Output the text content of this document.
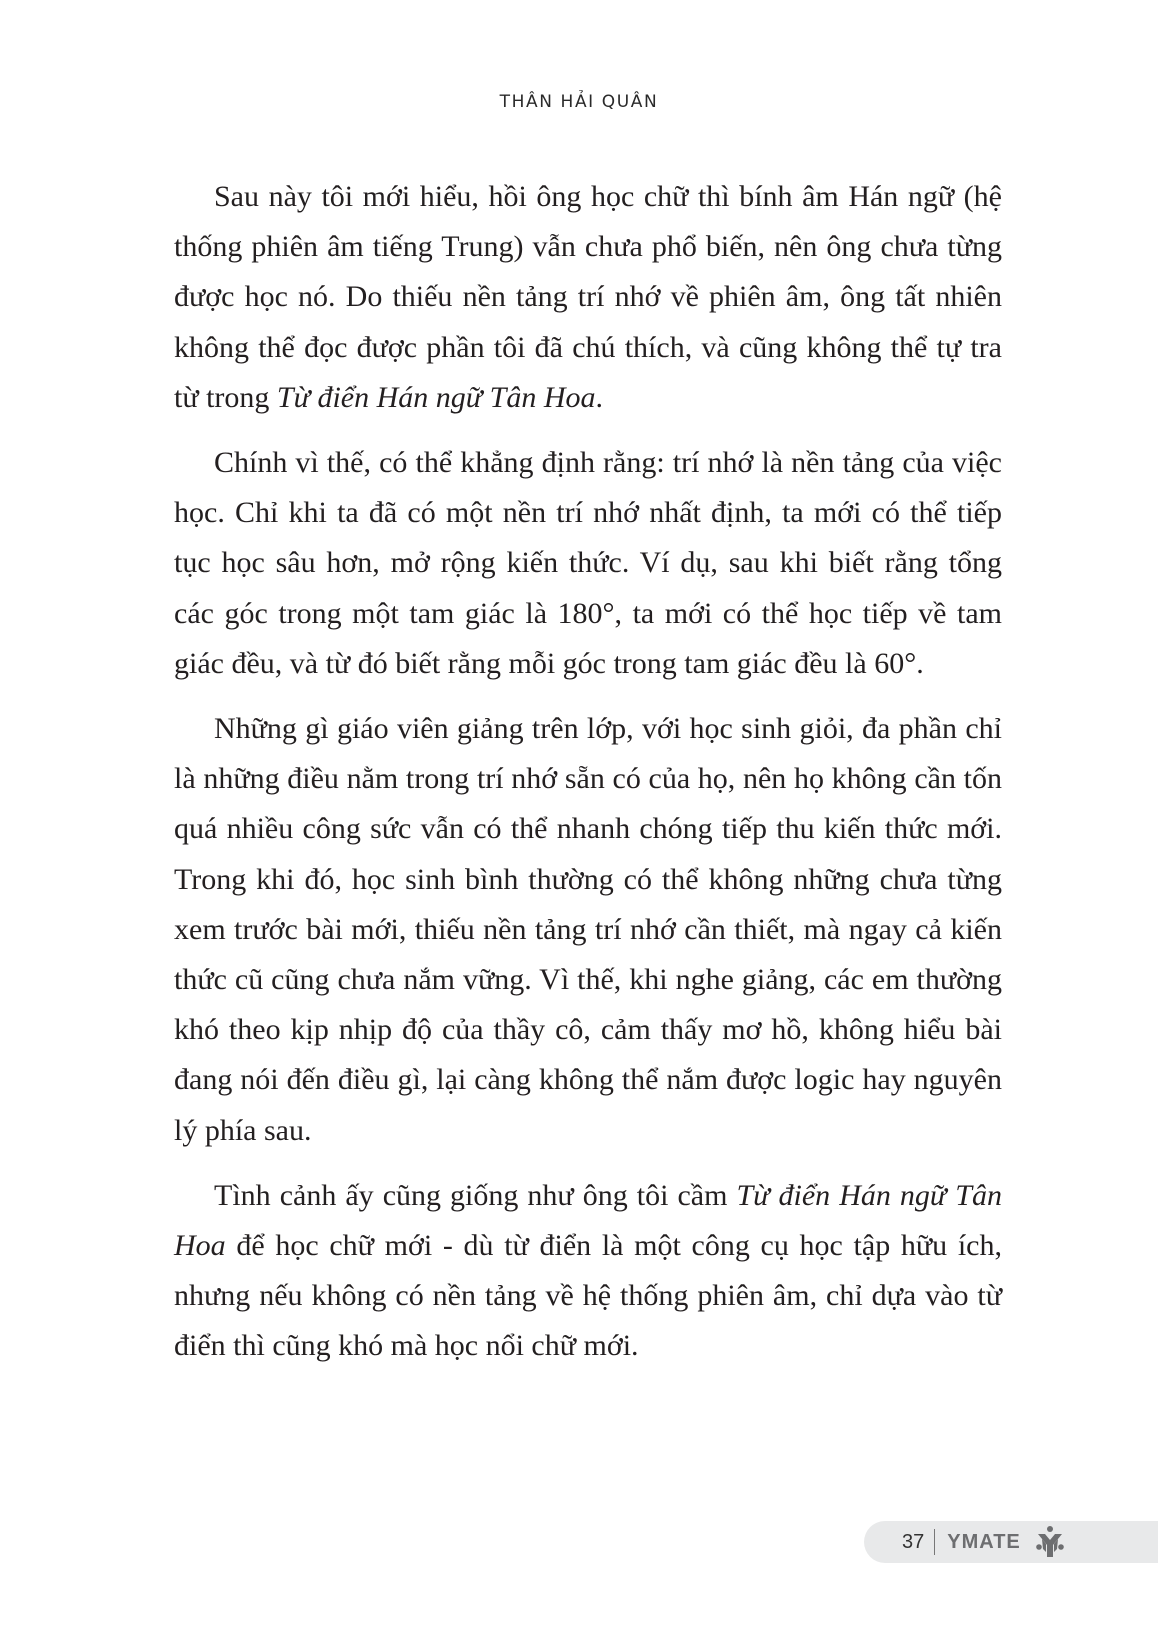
THÂN HẢI QUÂN

Sau này tôi mới hiểu, hồi ông học chữ thì bính âm Hán ngữ (hệ thống phiên âm tiếng Trung) vẫn chưa phổ biến, nên ông chưa từng được học nó. Do thiếu nền tảng trí nhớ về phiên âm, ông tất nhiên không thể đọc được phần tôi đã chú thích, và cũng không thể tự tra từ trong Từ điển Hán ngữ Tân Hoa.

Chính vì thế, có thể khẳng định rằng: trí nhớ là nền tảng của việc học. Chỉ khi ta đã có một nền trí nhớ nhất định, ta mới có thể tiếp tục học sâu hơn, mở rộng kiến thức. Ví dụ, sau khi biết rằng tổng các góc trong một tam giác là 180°, ta mới có thể học tiếp về tam giác đều, và từ đó biết rằng mỗi góc trong tam giác đều là 60°.

Những gì giáo viên giảng trên lớp, với học sinh giỏi, đa phần chỉ là những điều nằm trong trí nhớ sẵn có của họ, nên họ không cần tốn quá nhiều công sức vẫn có thể nhanh chóng tiếp thu kiến thức mới. Trong khi đó, học sinh bình thường có thể không những chưa từng xem trước bài mới, thiếu nền tảng trí nhớ cần thiết, mà ngay cả kiến thức cũ cũng chưa nắm vững. Vì thế, khi nghe giảng, các em thường khó theo kịp nhịp độ của thầy cô, cảm thấy mơ hồ, không hiểu bài đang nói đến điều gì, lại càng không thể nắm được logic hay nguyên lý phía sau.

Tình cảnh ấy cũng giống như ông tôi cầm Từ điển Hán ngữ Tân Hoa để học chữ mới - dù từ điển là một công cụ học tập hữu ích, nhưng nếu không có nền tảng về hệ thống phiên âm, chỉ dựa vào từ điển thì cũng khó mà học nổi chữ mới.

37 YMATE
